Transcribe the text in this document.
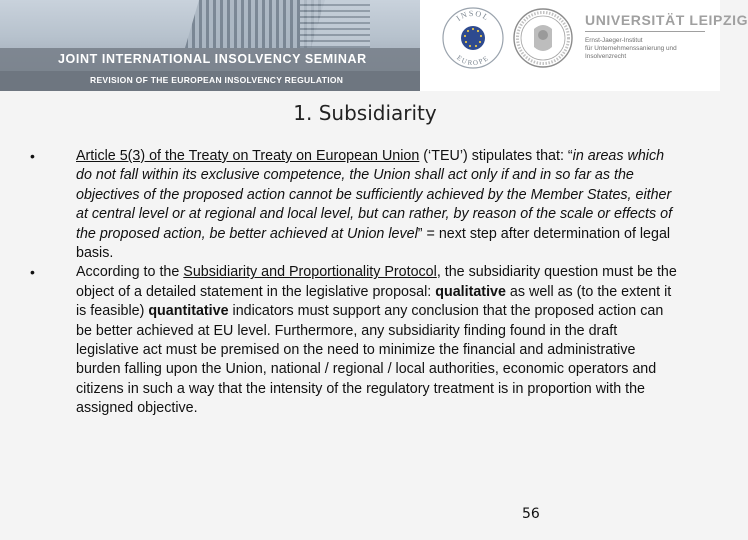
JOINT INTERNATIONAL INSOLVENCY SEMINAR
REVISION OF THE EUROPEAN INSOLVENCY REGULATION
INSOL
EUROPE
UNIVERSITÄT LEIPZIG
Ernst-Jaeger-Institut
für Unternehmenssanierung und Insolvenzrecht
1. Subsidiarity
•	Article 5(3) of the Treaty on Treaty on European Union (‘TEU’) stipulates that: “in areas which do not fall within its exclusive competence, the Union shall act only if and in so far as the objectives of the proposed action cannot be sufficiently achieved by the Member States, either at central level or at regional and local level, but can rather, by reason of the scale or effects of the proposed action, be better achieved at Union level” = next step after determination of legal basis.
•	According to the Subsidiarity and Proportionality Protocol, the subsidiarity question must be the object of a detailed statement in the legislative proposal: qualitative as well as (to the extent it is feasible) quantitative indicators must support any conclusion that the proposed action can be better achieved at EU level. Furthermore, any subsidiarity finding found in the draft legislative act must be premised on the need to minimize the financial and administrative burden falling upon the Union, national / regional / local authorities, economic operators and citizens in such a way that the intensity of the regulatory treatment is in proportion with the assigned objective.
56
